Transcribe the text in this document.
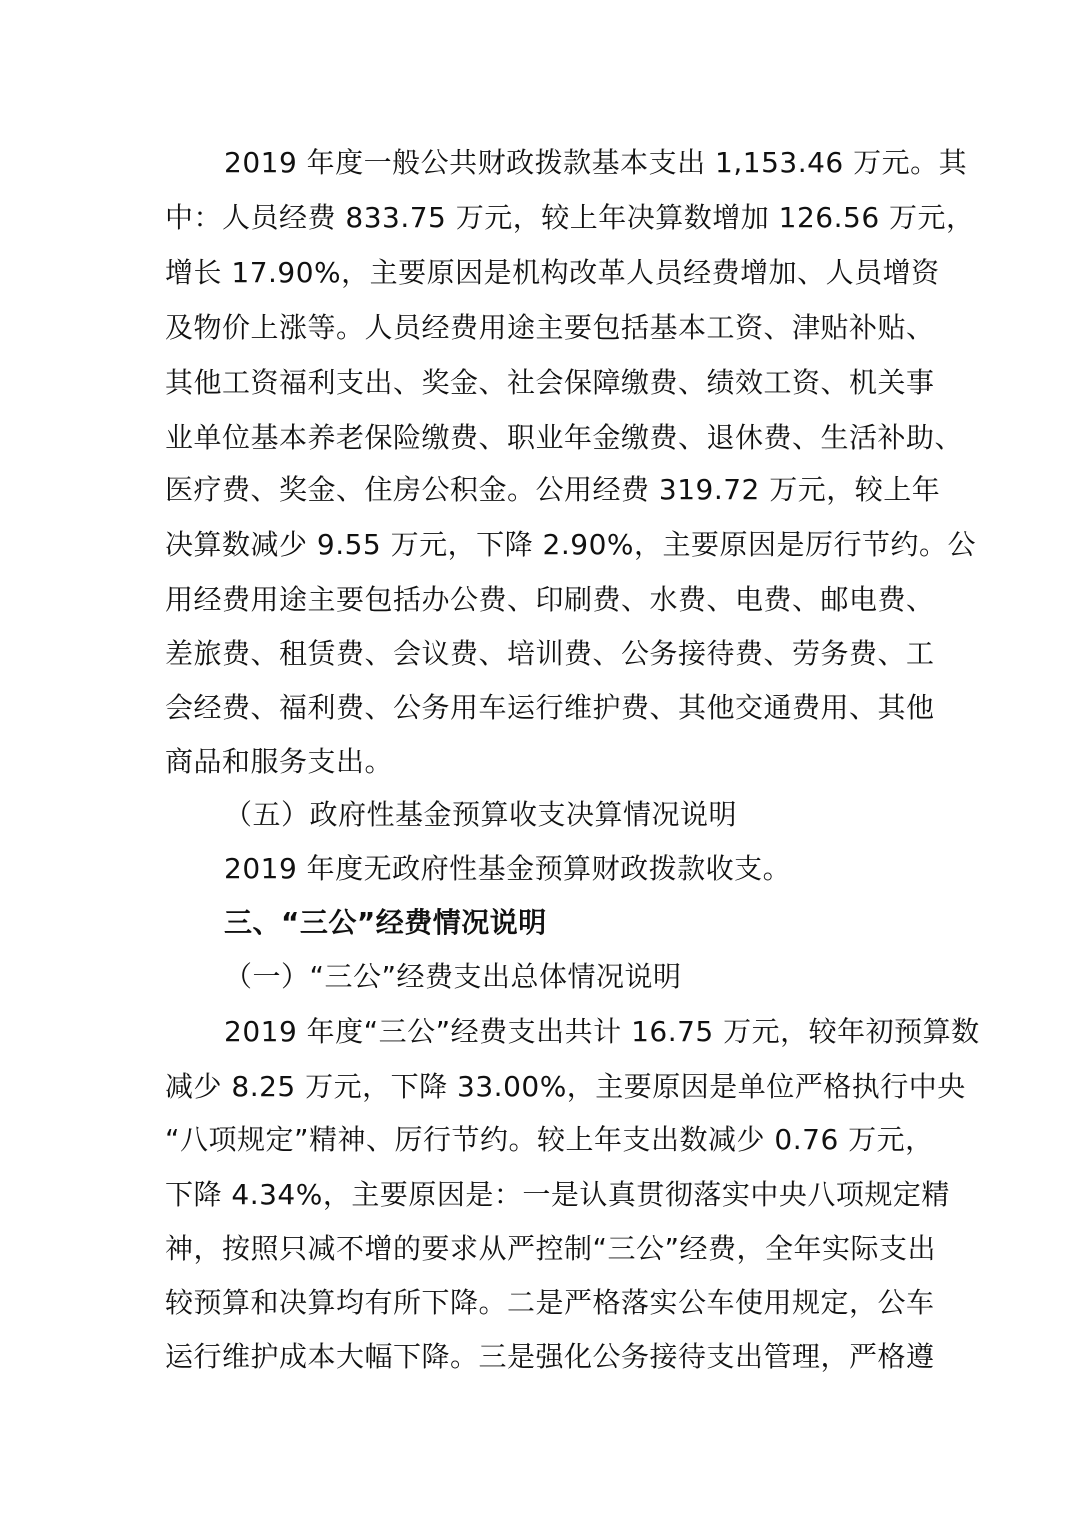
2019 年度一般公共财政拨款基本支出 1,153.46 万元。其
中：人员经费 833.75 万元，较上年决算数增加 126.56 万元，
增长 17.90%，主要原因是机构改革人员经费增加、人员增资
及物价上涨等。人员经费用途主要包括基本工资、津贴补贴、
其他工资福利支出、奖金、社会保障缴费、绩效工资、机关事
业单位基本养老保险缴费、职业年金缴费、退休费、生活补助、
医疗费、奖金、住房公积金。公用经费 319.72 万元，较上年
决算数减少 9.55 万元，下降 2.90%，主要原因是厉行节约。公
用经费用途主要包括办公费、印刷费、水费、电费、邮电费、
差旅费、租赁费、会议费、培训费、公务接待费、劳务费、工
会经费、福利费、公务用车运行维护费、其他交通费用、其他
商品和服务支出。
（五）政府性基金预算收支决算情况说明
2019 年度无政府性基金预算财政拨款收支。
三、“三公”经费情况说明
（一）“三公”经费支出总体情况说明
2019 年度“三公”经费支出共计 16.75 万元，较年初预算数
减少 8.25 万元，下降 33.00%，主要原因是单位严格执行中央
“八项规定”精神、厉行节约。较上年支出数减少 0.76 万元，
下降 4.34%，主要原因是：一是认真贯彻落实中央八项规定精
神，按照只减不增的要求从严控制“三公”经费，全年实际支出
较预算和决算均有所下降。二是严格落实公车使用规定，公车
运行维护成本大幅下降。三是强化公务接待支出管理，严格遵
